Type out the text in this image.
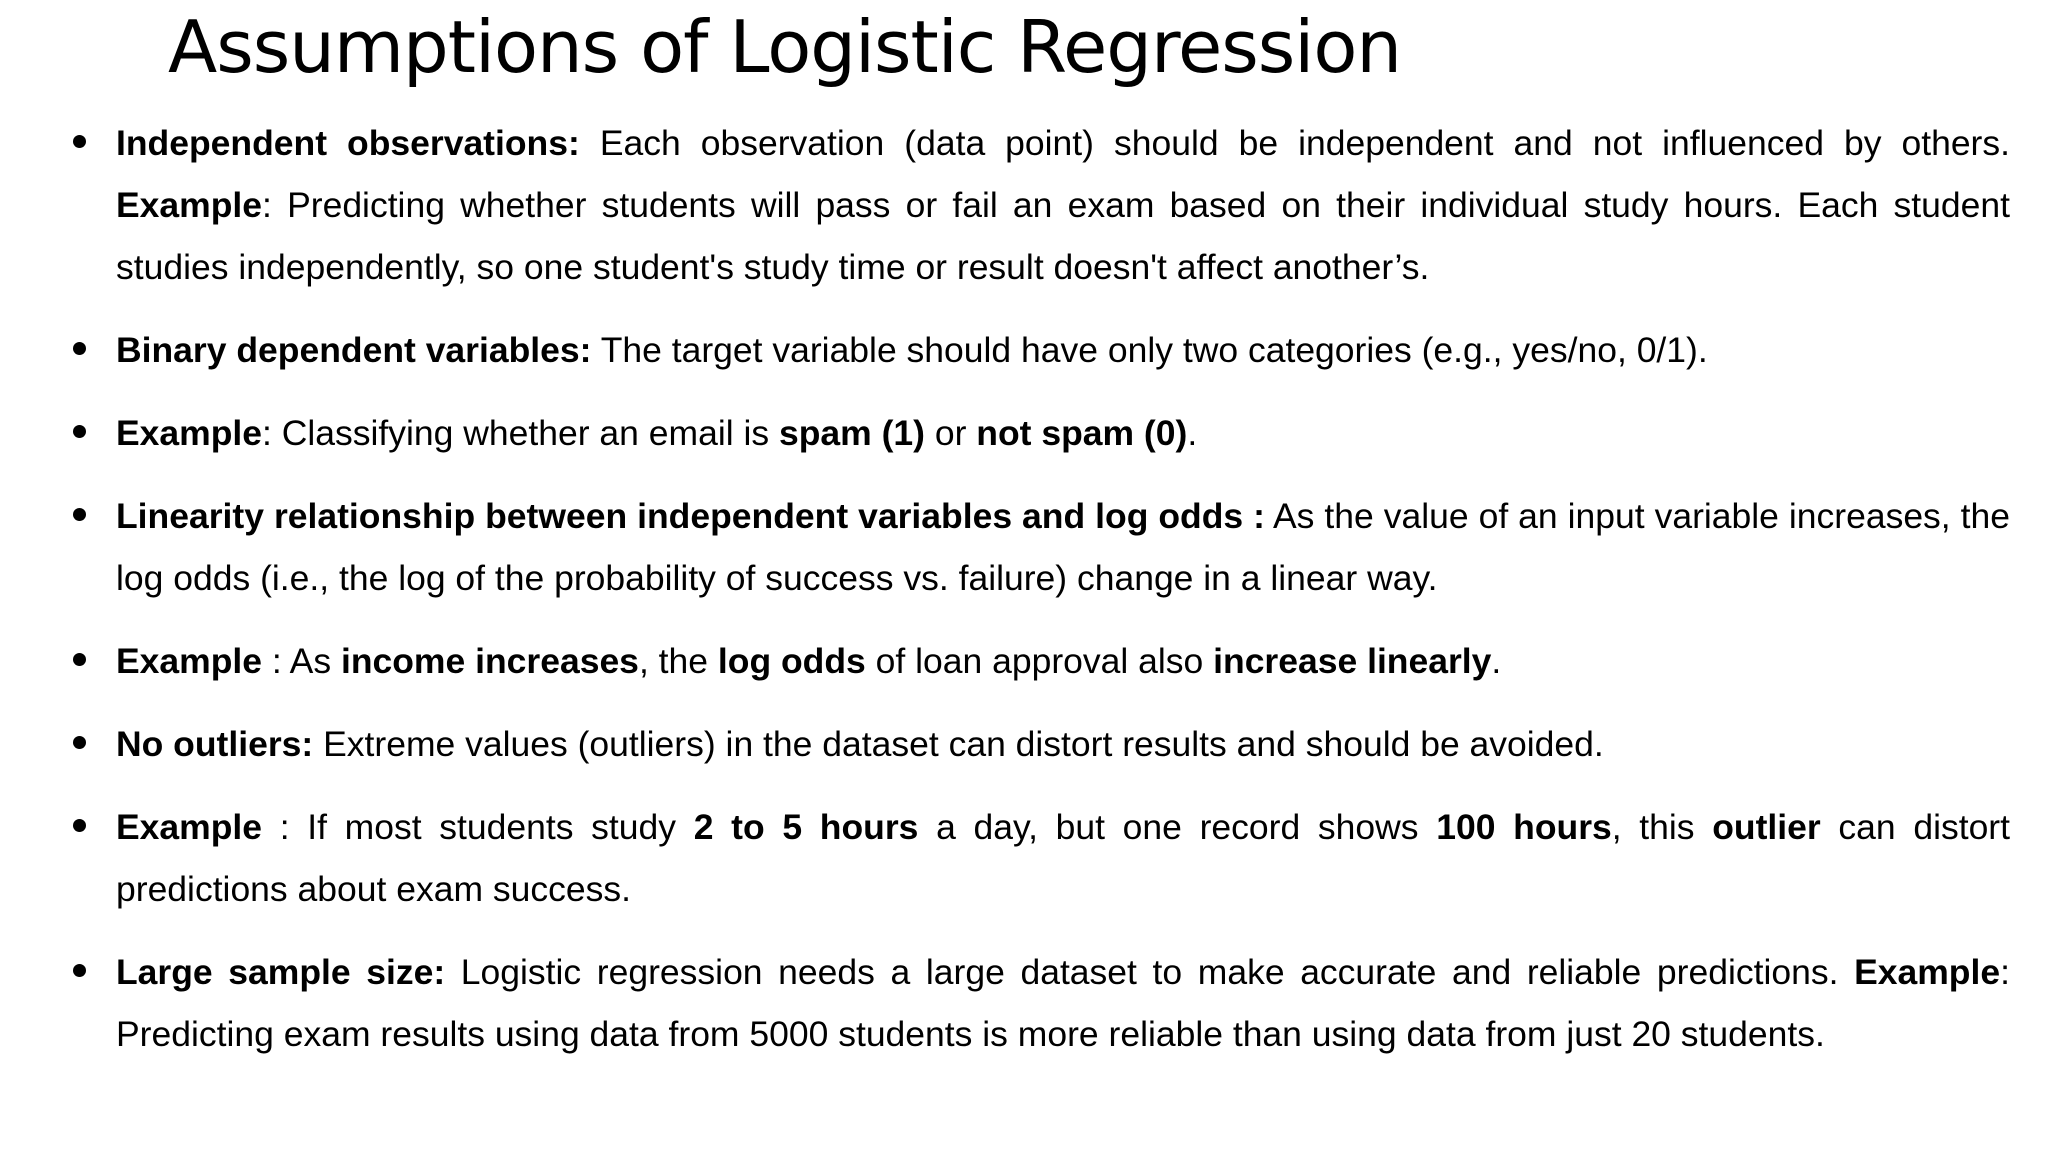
Assumptions of Logistic Regression
Independent observations: Each observation (data point) should be independent and not influenced by others. Example: Predicting whether students will pass or fail an exam based on their individual study hours. Each student studies independently, so one student's study time or result doesn't affect another’s.
Binary dependent variables: The target variable should have only two categories (e.g., yes/no, 0/1).
Example: Classifying whether an email is spam (1) or not spam (0).
Linearity relationship between independent variables and log odds : As the value of an input variable increases, the log odds (i.e., the log of the probability of success vs. failure) change in a linear way.
Example : As income increases, the log odds of loan approval also increase linearly.
No outliers: Extreme values (outliers) in the dataset can distort results and should be avoided.
Example : If most students study 2 to 5 hours a day, but one record shows 100 hours, this outlier can distort predictions about exam success.
Large sample size: Logistic regression needs a large dataset to make accurate and reliable predictions. Example: Predicting exam results using data from 5000 students is more reliable than using data from just 20 students.
